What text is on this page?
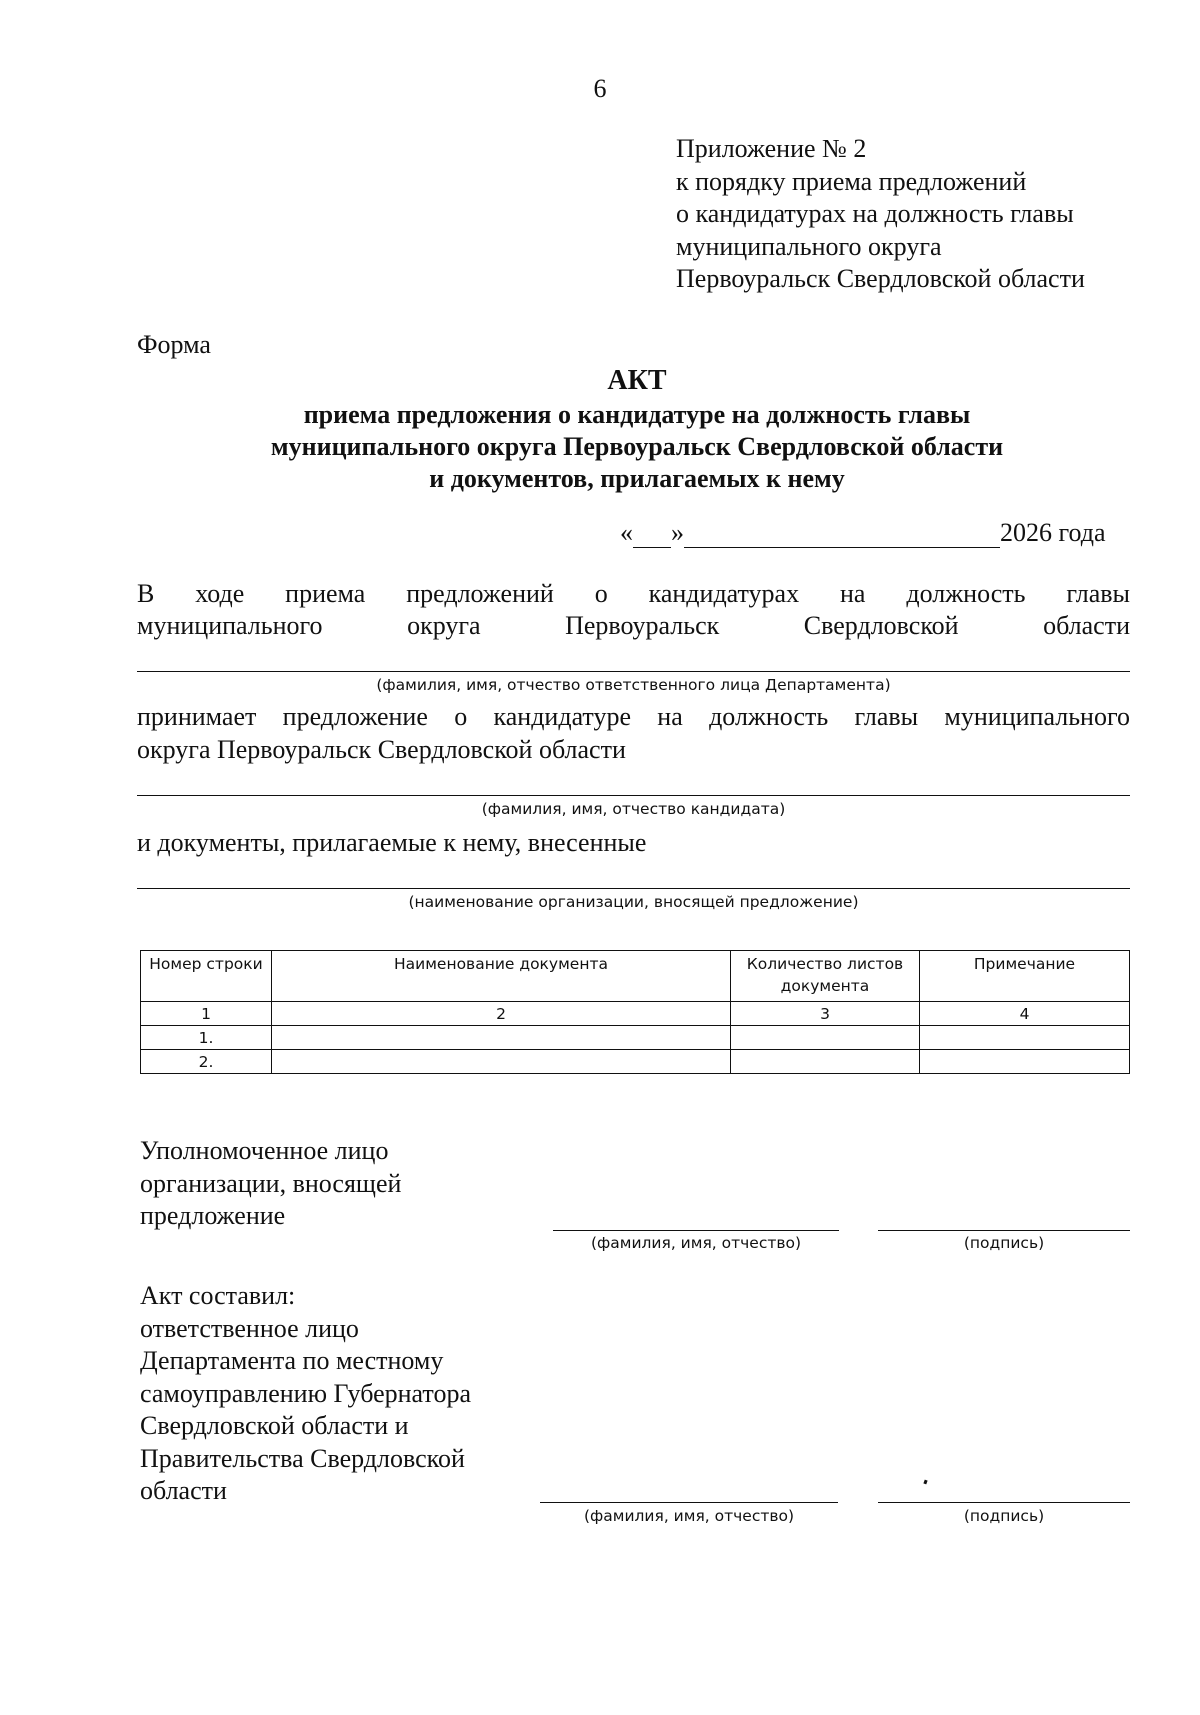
6
Приложение № 2
к порядку приема предложений
о кандидатурах на должность главы
муниципального округа
Первоуральск Свердловской области
Форма
АКТ
приема предложения о кандидатуре на должность главы
муниципального округа Первоуральск Свердловской области
и документов, прилагаемых к нему
« »	2026 года
В ходе приема предложений о кандидатурах на должность главы
муниципального округа Первоуральск Свердловской области
(фамилия, имя, отчество ответственного лица Департамента)
принимает предложение о кандидатуре на должность главы муниципального
округа Первоуральск Свердловской области
(фамилия, имя, отчество кандидата)
и документы, прилагаемые к нему, внесенные
(наименование организации, вносящей предложение)
Номер строки	Наименование документа	Количество листов документа	Примечание
1	2	3	4
1.			
2.			
Уполномоченное лицо
организации, вносящей
предложение
(фамилия, имя, отчество)	(подпись)
Акт составил:
ответственное лицо
Департамента по местному
самоуправлению Губернатора
Свердловской области и
Правительства Свердловской
области
(фамилия, имя, отчество)	(подпись)
